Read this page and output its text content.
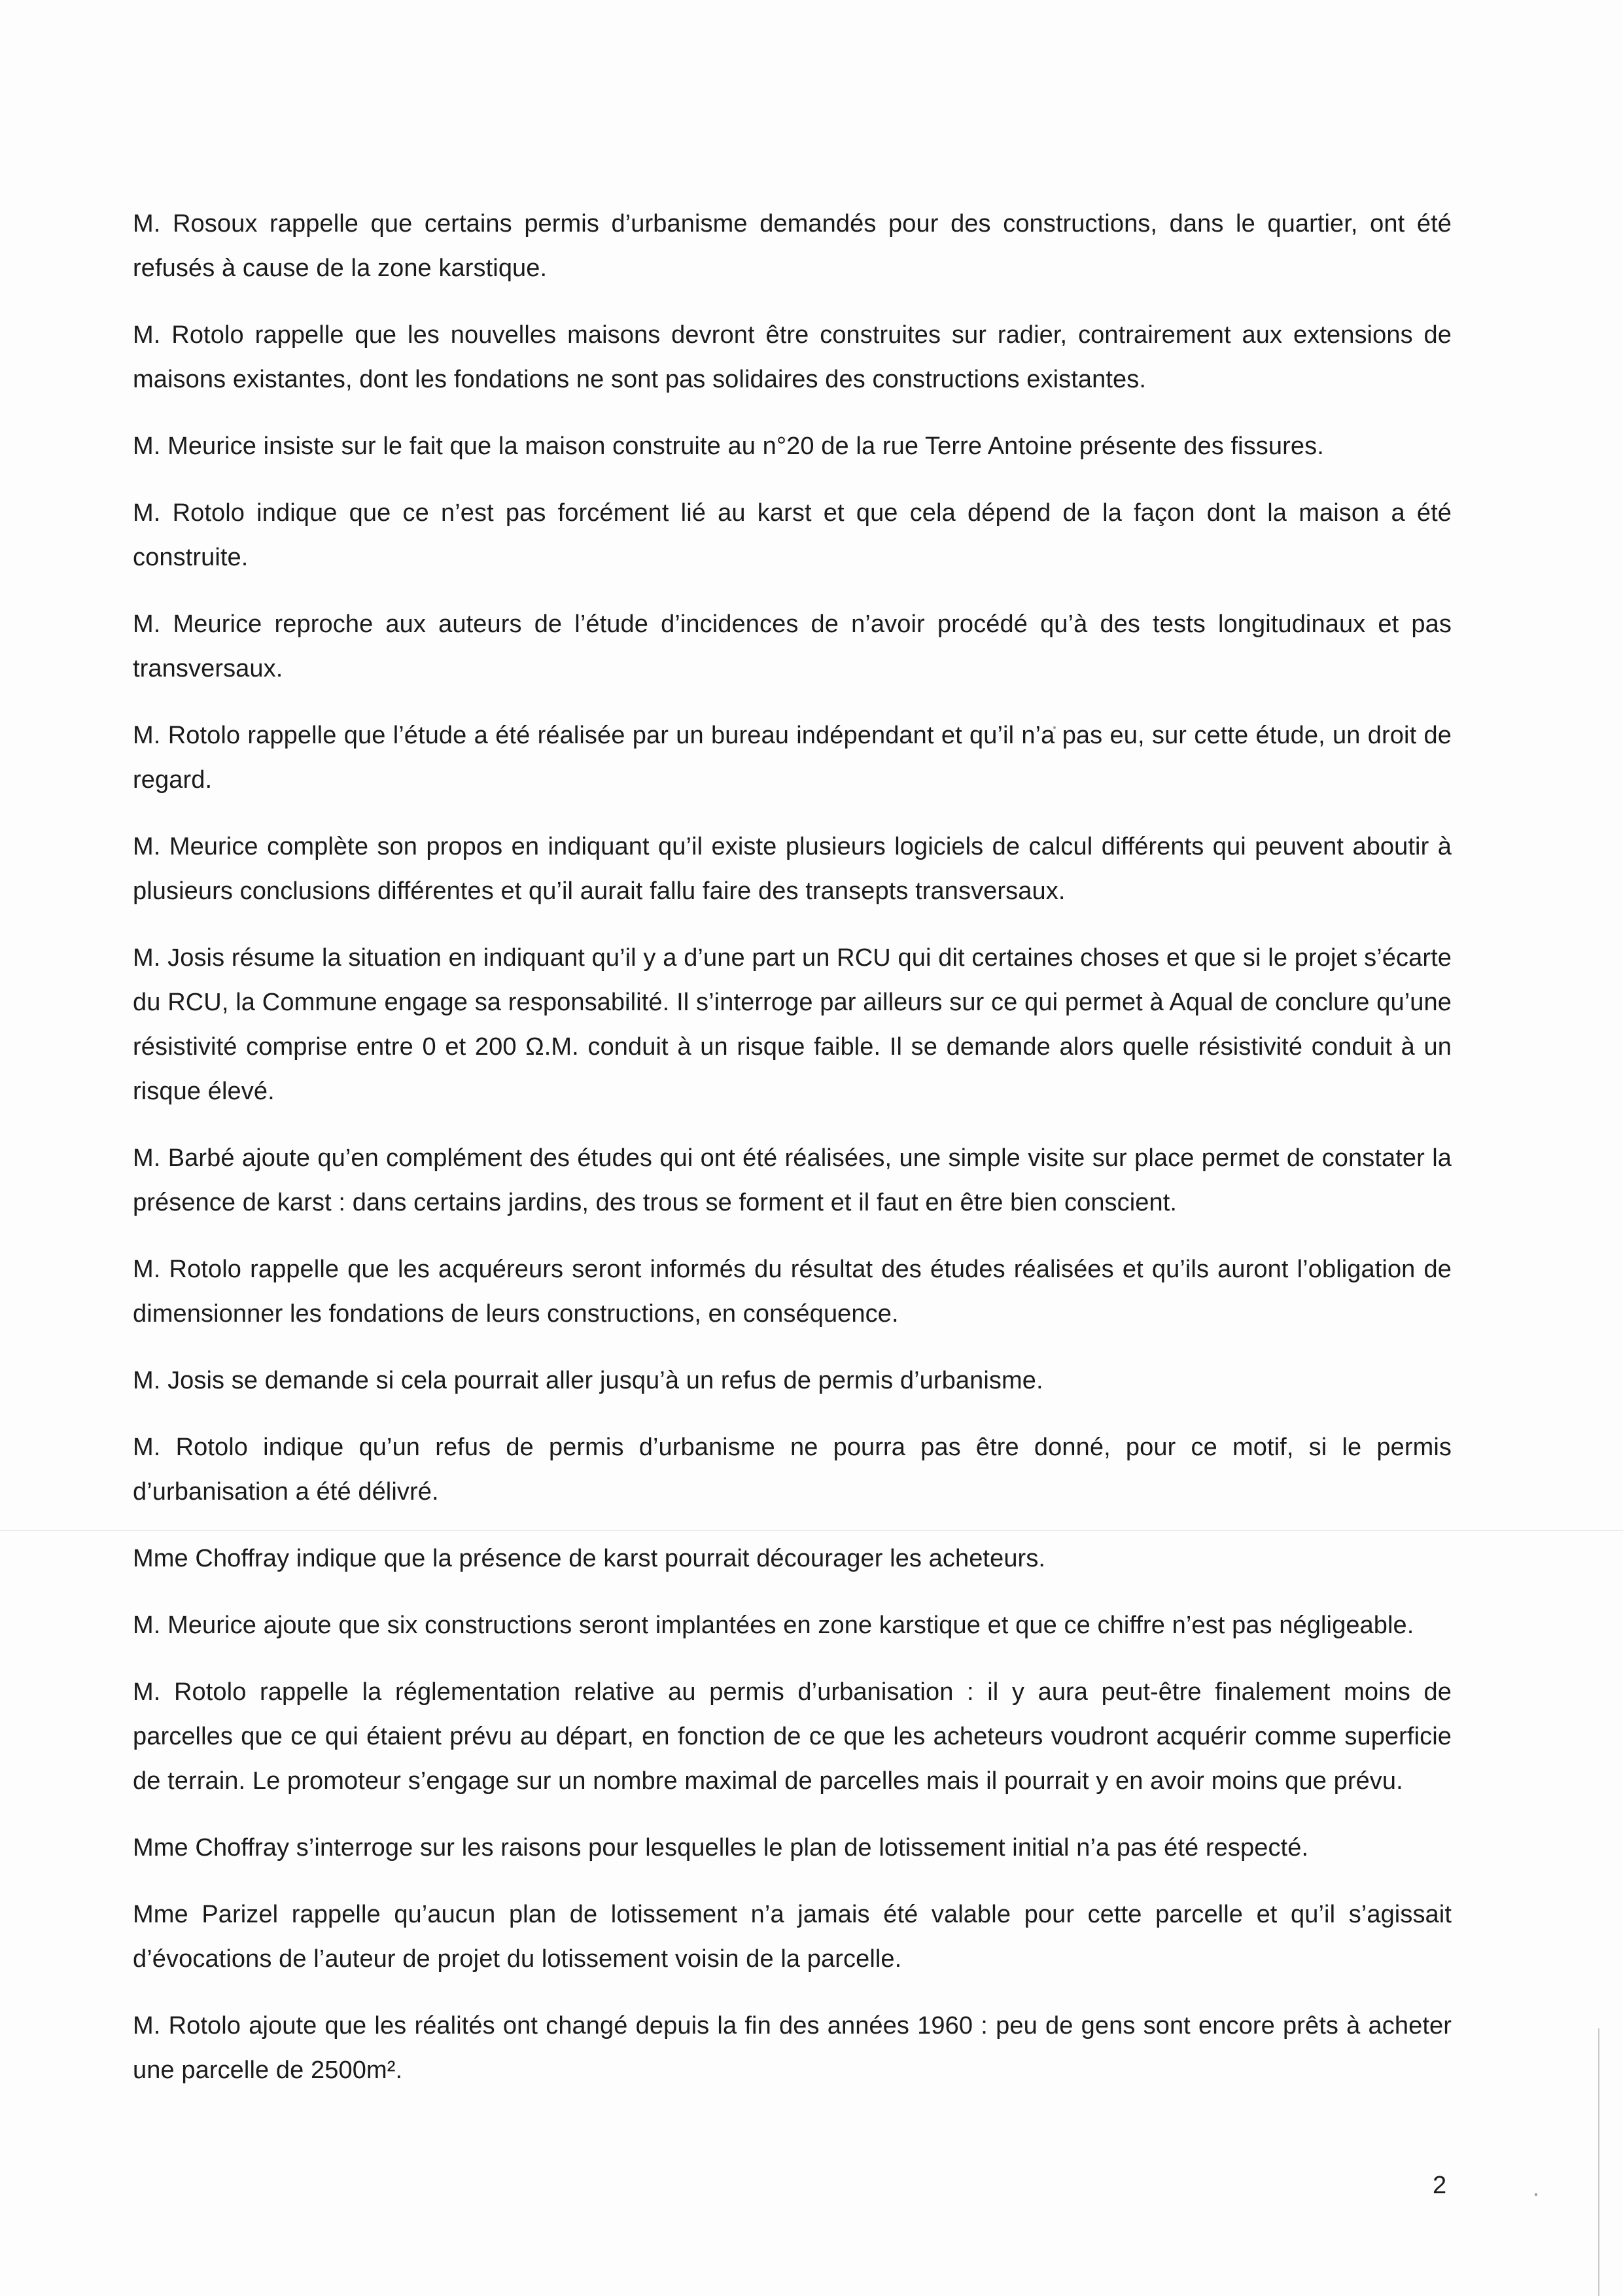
M. Rosoux rappelle que certains permis d’urbanisme demandés pour des constructions, dans le quartier, ont été refusés à cause de la zone karstique.

M. Rotolo rappelle que les nouvelles maisons devront être construites sur radier, contrairement aux extensions de maisons existantes, dont les fondations ne sont pas solidaires des constructions existantes.

M. Meurice insiste sur le fait que la maison construite au n°20 de la rue Terre Antoine présente des fissures.

M. Rotolo indique que ce n’est pas forcément lié au karst et que cela dépend de la façon dont la maison a été construite.

M. Meurice reproche aux auteurs de l’étude d’incidences de n’avoir procédé qu’à des tests longitudinaux et pas transversaux.

M. Rotolo rappelle que l’étude a été réalisée par un bureau indépendant et qu’il n’a pas eu, sur cette étude, un droit de regard.

M. Meurice complète son propos en indiquant qu’il existe plusieurs logiciels de calcul différents qui peuvent aboutir à plusieurs conclusions différentes et qu’il aurait fallu faire des transepts transversaux.

M. Josis résume la situation en indiquant qu’il y a d’une part un RCU qui dit certaines choses et que si le projet s’écarte du RCU, la Commune engage sa responsabilité. Il s’interroge par ailleurs sur ce qui permet à Aqual de conclure qu’une résistivité comprise entre 0 et 200 Ω.M. conduit à un risque faible. Il se demande alors quelle résistivité conduit à un risque élevé.

M. Barbé ajoute qu’en complément des études qui ont été réalisées, une simple visite sur place permet de constater la présence de karst : dans certains jardins, des trous se forment et il faut en être bien conscient.

M. Rotolo rappelle que les acquéreurs seront informés du résultat des études réalisées et qu’ils auront l’obligation de dimensionner les fondations de leurs constructions, en conséquence.

M. Josis se demande si cela pourrait aller jusqu’à un refus de permis d’urbanisme.

M. Rotolo indique qu’un refus de permis d’urbanisme ne pourra pas être donné, pour ce motif, si le permis d’urbanisation a été délivré.

Mme Choffray indique que la présence de karst pourrait décourager les acheteurs.

M. Meurice ajoute que six constructions seront implantées en zone karstique et que ce chiffre n’est pas négligeable.

M. Rotolo rappelle la réglementation relative au permis d’urbanisation : il y aura peut-être finalement moins de parcelles que ce qui étaient prévu au départ, en fonction de ce que les acheteurs voudront acquérir comme superficie de terrain. Le promoteur s’engage sur un nombre maximal de parcelles mais il pourrait y en avoir moins que prévu.

Mme Choffray s’interroge sur les raisons pour lesquelles le plan de lotissement initial n’a pas été respecté.

Mme Parizel rappelle qu’aucun plan de lotissement n’a jamais été valable pour cette parcelle et qu’il s’agissait d’évocations de l’auteur de projet du lotissement voisin de la parcelle.

M. Rotolo ajoute que les réalités ont changé depuis la fin des années 1960 : peu de gens sont encore prêts à acheter une parcelle de 2500m².

2
